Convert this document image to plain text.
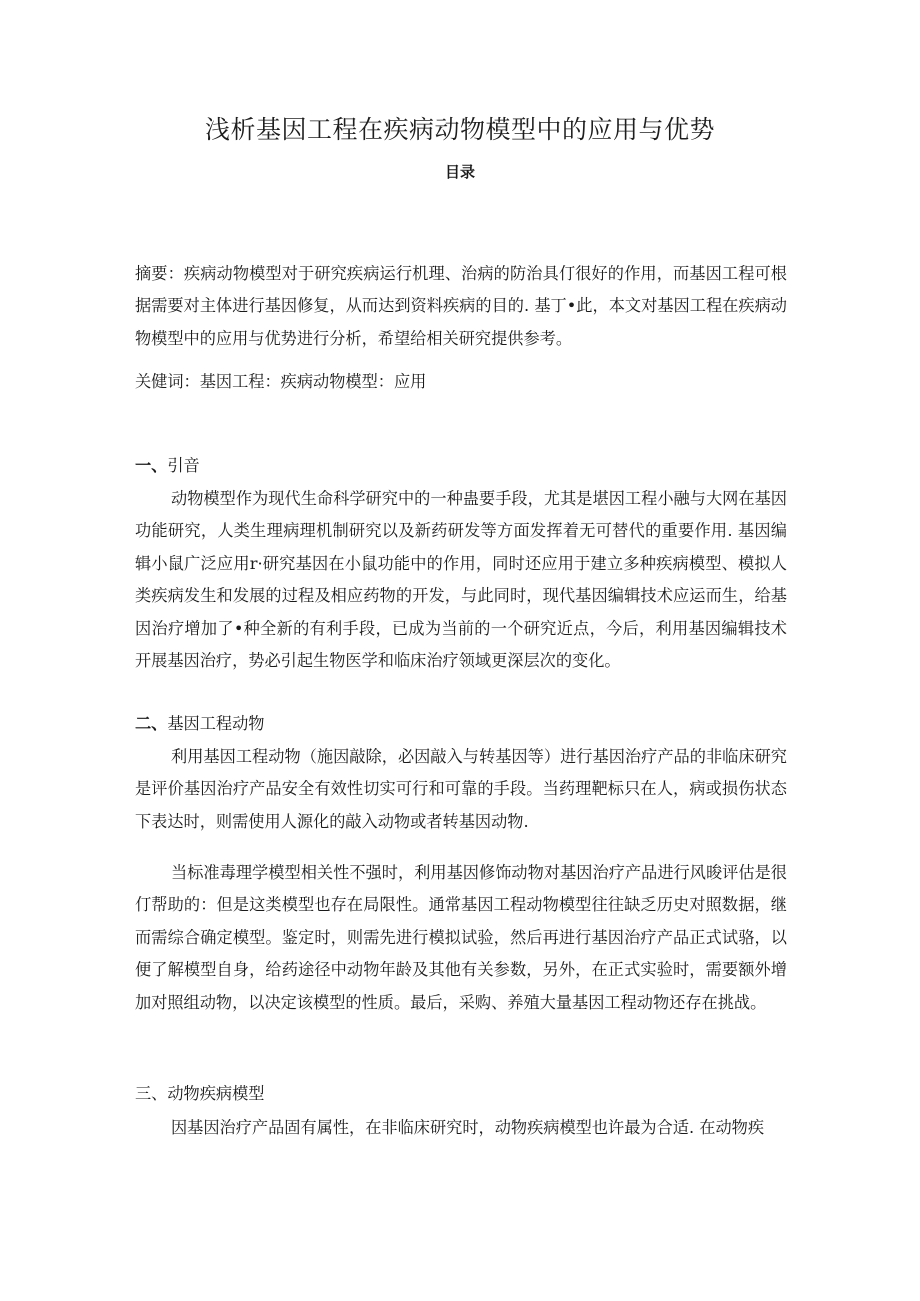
浅析基因工程在疾病动物模型中的应用与优势
目录
摘要：疾病动物模型对于研究疾病运行机理、治病的防治具仃很好的作用，而基因工程可根据需要对主体进行基因修复，从而达到资料疾病的目的. 基丁•此，本文对基因工程在疾病动物模型中的应用与优势进行分析，希望给相关研究提供参考。
关健词：基因工程：疾病动物模型：应用
一、引音
动物模型作为现代生命科学研究中的一种蛊要手段，尤其是堪因工程小融与大网在基因功能研究，人类生理病理机制研究以及新药研发等方面发挥着无可替代的重要作用. 基因编辑小鼠广泛应用r·研究基因在小鼠功能中的作用，同时还应用于建立多种疾病模型、模拟人类疾病发生和发展的过程及相应药物的开发，与此同时，现代基因编辑技术应运而生，给基因治疗增加了•种全新的有利手段，已成为当前的一个研究近点，今后，利用基因编辑技术开展基因治疗，势必引起生物医学和临床治疗领域更深层次的变化。
二、基因工程动物
利用基因工程动物（施因敲除，必因敲入与转基因等）进行基因治疗产品的非临床研究是评价基因治疗产品安全有效性切实可行和可靠的手段。当药理靶标只在人，病或损伤状态下表达时，则需使用人源化的敲入动物或者转基因动物.
当标准毒理学模型相关性不强时，利用基因修饰动物对基因治疗产品进行风晙评估是很仃帮助的：但是这类模型也存在局限性。通常基因工程动物模型往往缺乏历史对照数据，继而需综合确定模型。鉴定时，则需先进行模拟试验，然后再进行基因治疗产品正式试骆，以便了解模型自身，给药途径中动物年龄及其他有关参数，另外，在正式实验时，需要额外增加对照组动物，以决定该模型的性质。最后，采购、养殖大量基因工程动物还存在挑战。
三、动物疾病模型
因基因治疗产品固有属性，在非临床研究时，动物疾病模型也许最为合适. 在动物疾
